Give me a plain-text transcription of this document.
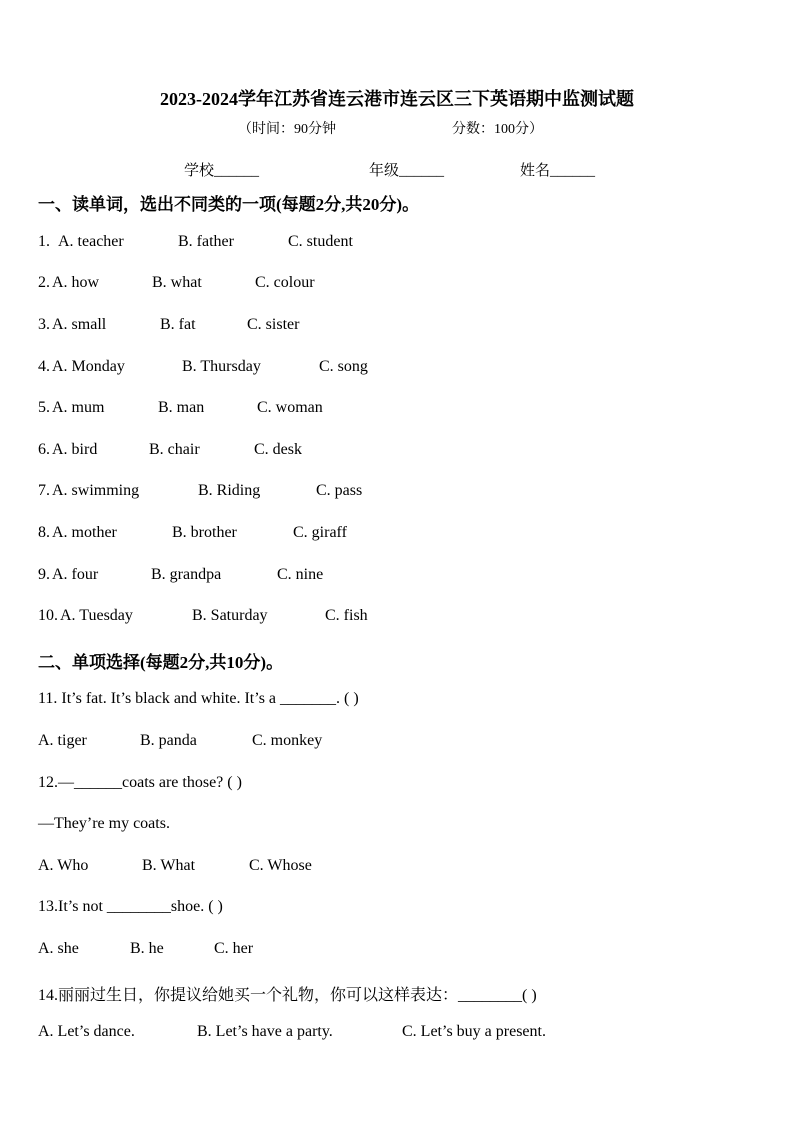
2023-2024学年江苏省连云港市连云区三下英语期中监测试题
（时间：90分钟	分数：100分）
学校______	年级______	姓名______
一、读单词，选出不同类的一项(每题2分,共20分)。
1. A. teacher	B. father	C. student
2. A. how	B. what	C. colour
3. A. small	B. fat	C. sister
4. A. Monday	B. Thursday	C. song
5. A. mum	B. man	C. woman
6. A. bird	B. chair	C. desk
7. A. swimming	B. Riding	C. pass
8. A. mother	B. brother	C. giraff
9. A. four	B. grandpa	C. nine
10. A. Tuesday	B. Saturday	C. fish
二、单项选择(每题2分,共10分)。
11. It’s fat. It’s black and white. It’s a _______. ( )
A. tiger	B. panda	C. monkey
12.—______coats are those? ( )
—They’re my coats.
A. Who	B. What	C. Whose
13.It’s not ________shoe. ( )
A. she	B. he	C. her
14.丽丽过生日，你提议给她买一个礼物，你可以这样表达：________( )
A. Let’s dance.	B. Let’s have a party.	C. Let’s buy a present.
